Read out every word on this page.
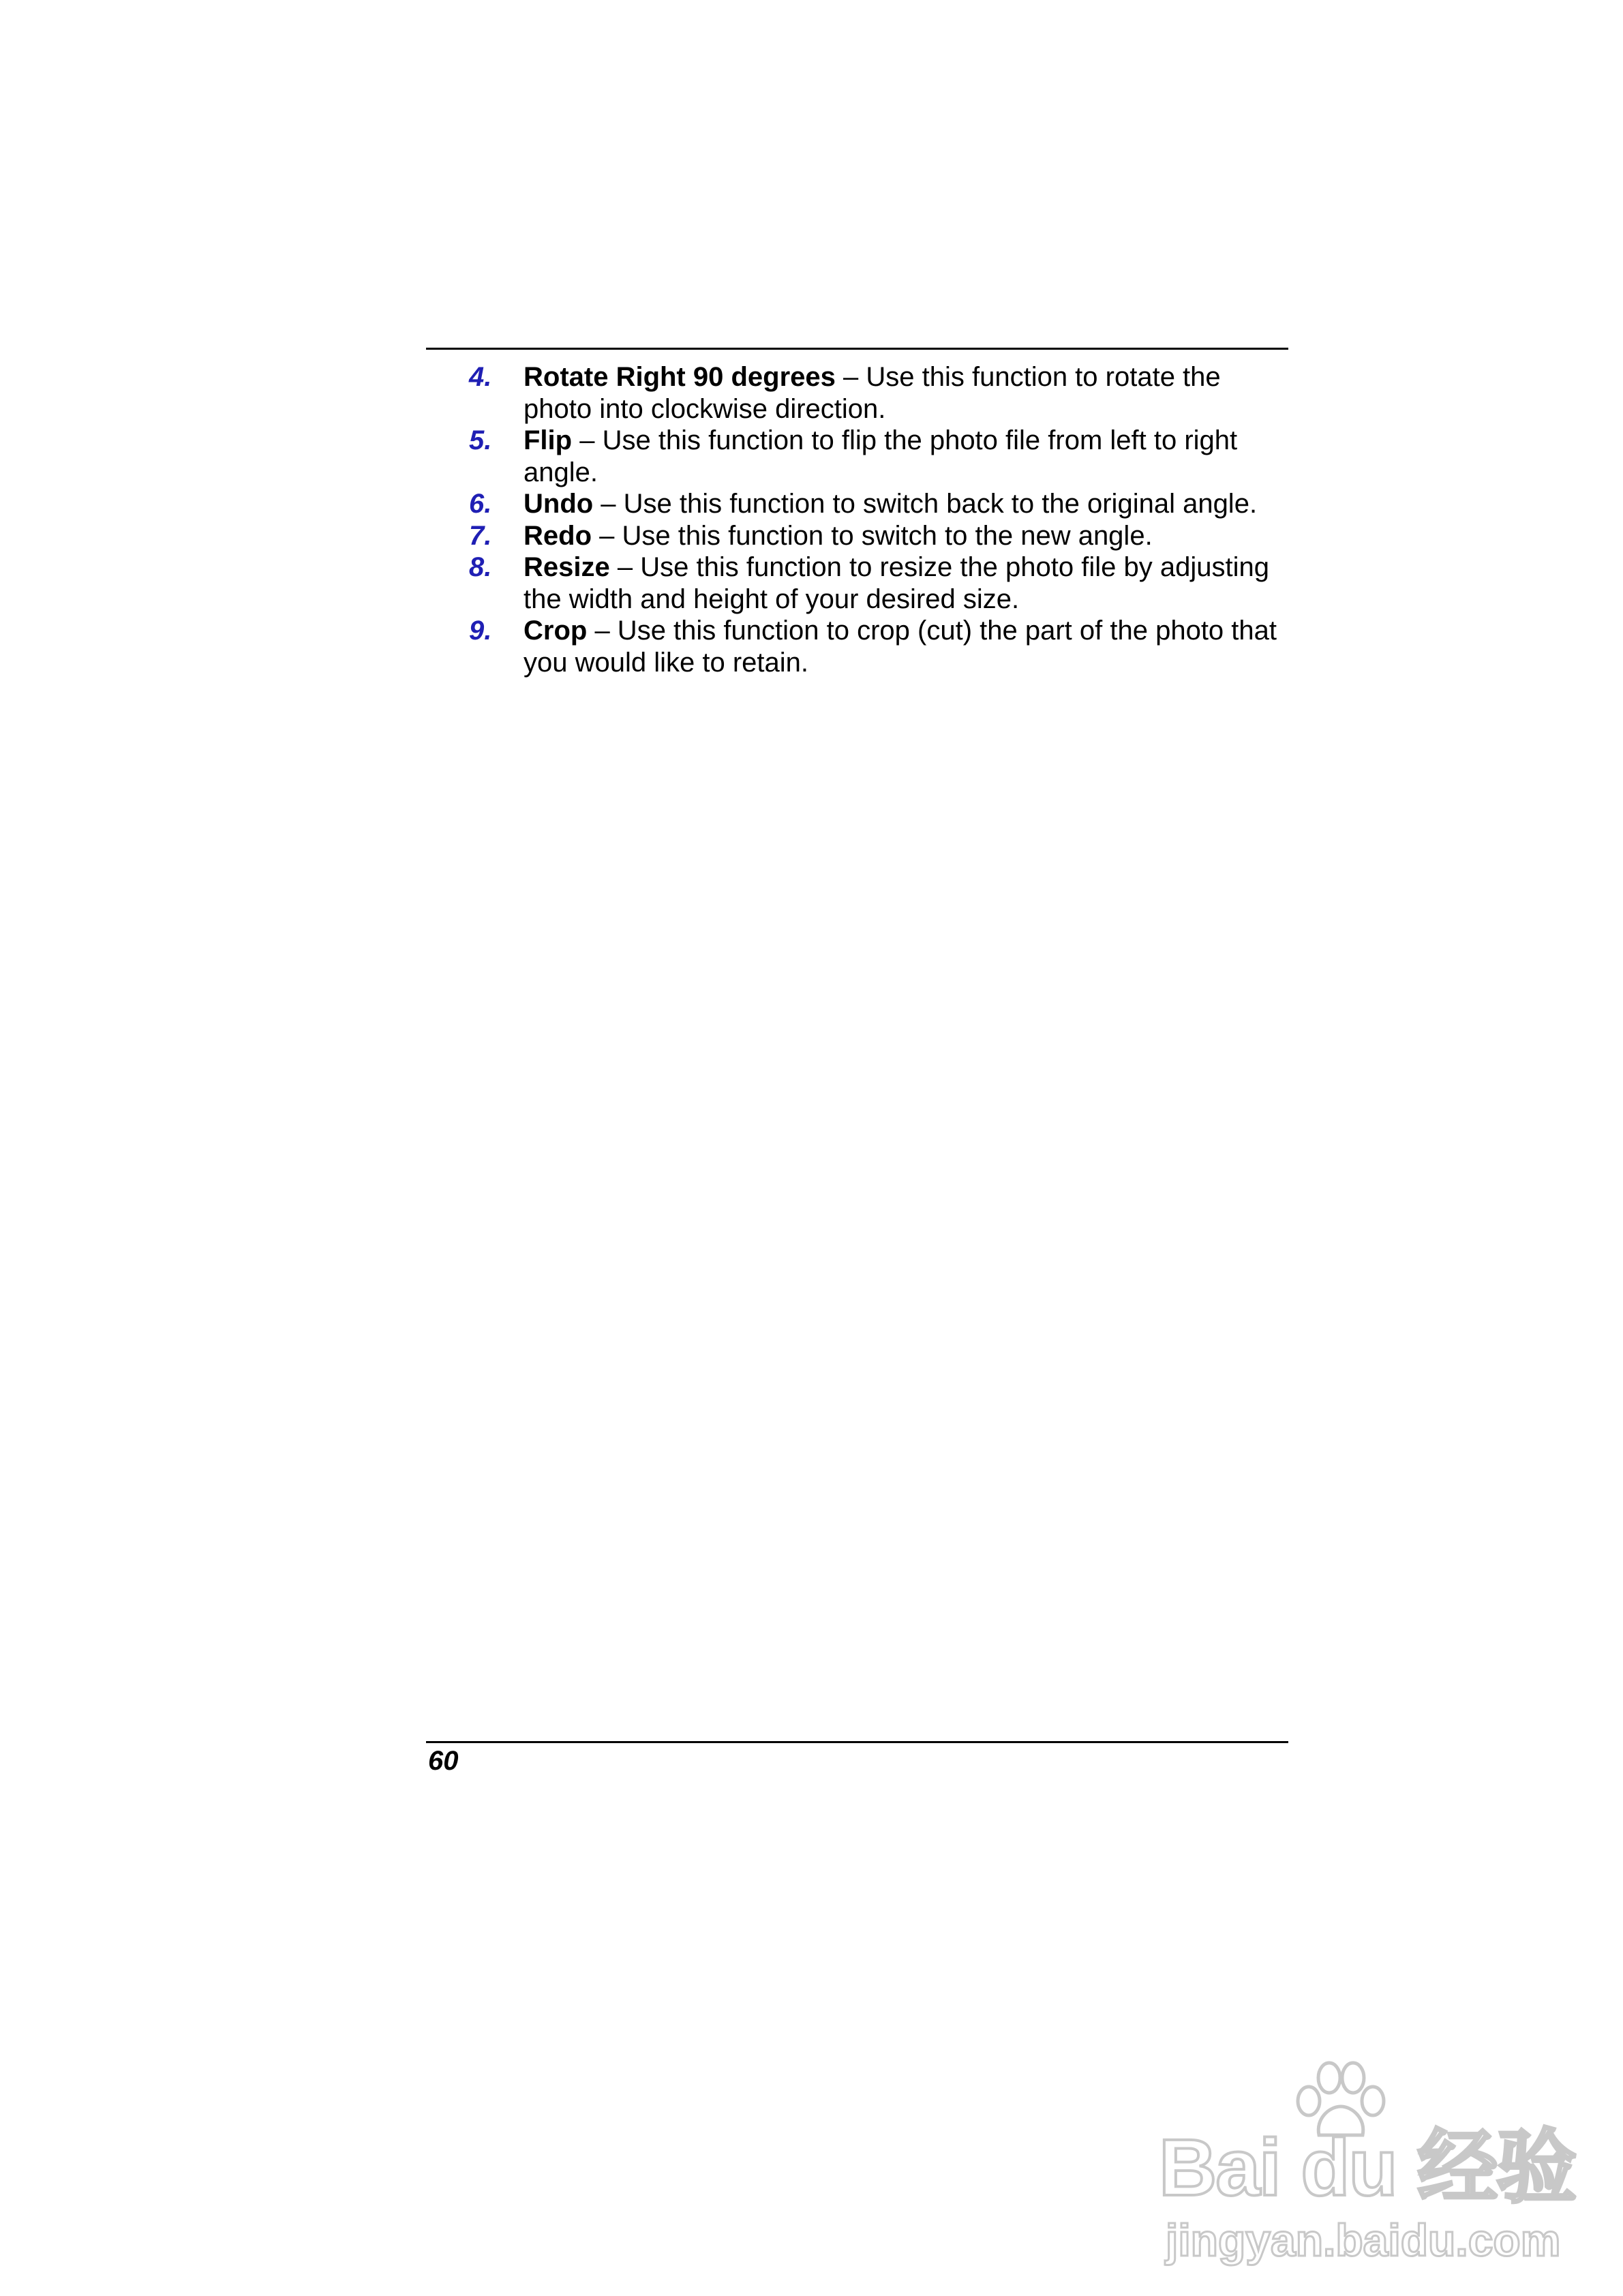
4. Rotate Right 90 degrees – Use this function to rotate the photo into clockwise direction.
5. Flip – Use this function to flip the photo file from left to right angle.
6. Undo – Use this function to switch back to the original angle.
7. Redo – Use this function to switch to the new angle.
8. Resize – Use this function to resize the photo file by adjusting the width and height of your desired size.
9. Crop – Use this function to crop (cut) the part of the photo that you would like to retain.
60
Bai du 经验
jingyan.baidu.com
